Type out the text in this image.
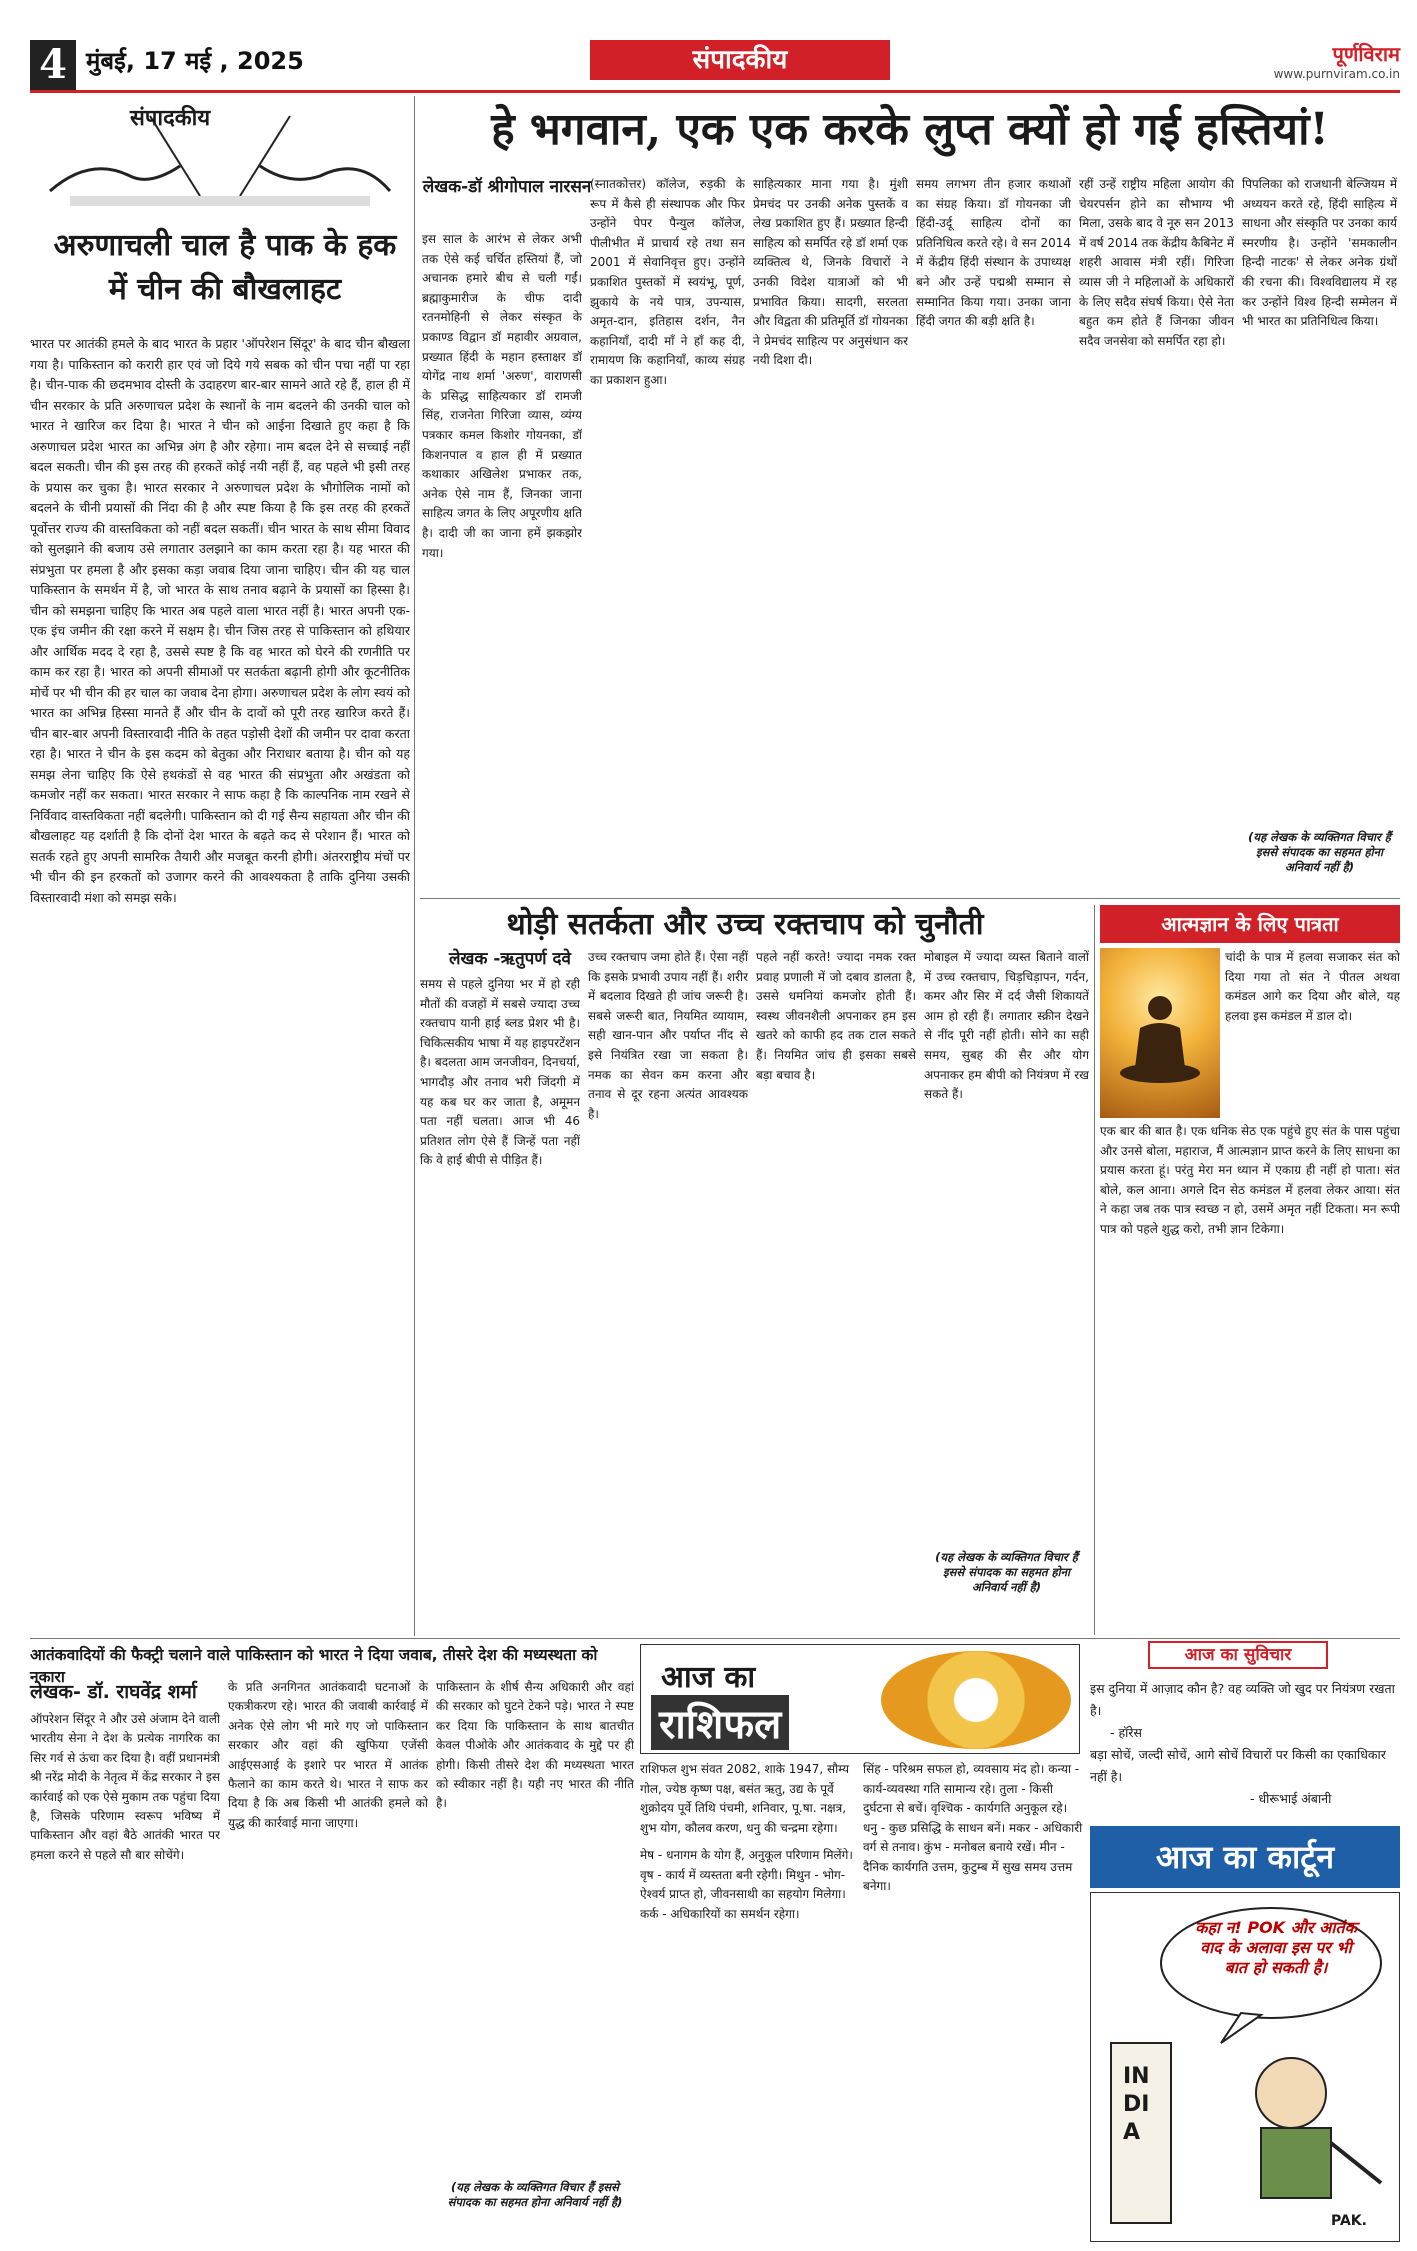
4 मुंबई, 17 मई , 2025	संपादकीय	पूर्णविराम
www.purnviram.co.in
संपादकीय
अरुणाचली चाल है पाक के हक में चीन की बौखलाहट
भारत पर आतंकी हमले के बाद भारत के प्रहार 'ऑपरेशन सिंदूर' के बाद चीन बौखला गया है। पाकिस्तान को करारी हार एवं जो दिये गये सबक को चीन पचा नहीं पा रहा है। चीन-पाक की छदमभाव दोस्ती के उदाहरण बार-बार सामने आते रहे हैं, हाल ही में चीन सरकार के प्रति अरुणाचल प्रदेश के स्थानों के नाम बदलने की उनकी चाल को भारत ने खारिज कर दिया है। भारत ने चीन को आईना दिखाते हुए कहा है कि अरुणाचल प्रदेश भारत का अभिन्न अंग है और रहेगा। नाम बदल देने से सच्चाई नहीं बदल सकती। चीन की इस तरह की हरकतें कोई नयी नहीं हैं, वह पहले भी इसी तरह के प्रयास कर चुका है। भारत सरकार ने अरुणाचल प्रदेश के भौगोलिक नामों को बदलने के चीनी प्रयासों की निंदा की है और स्पष्ट किया है कि इस तरह की हरकतें पूर्वोत्तर राज्य की वास्तविकता को नहीं बदल सकतीं। चीन भारत के साथ सीमा विवाद को सुलझाने की बजाय उसे लगातार उलझाने का काम करता रहा है। यह भारत की संप्रभुता पर हमला है और इसका कड़ा जवाब दिया जाना चाहिए। चीन की यह चाल पाकिस्तान के समर्थन में है, जो भारत के साथ तनाव बढ़ाने के प्रयासों का हिस्सा है। चीन को समझना चाहिए कि भारत अब पहले वाला भारत नहीं है। भारत अपनी एक-एक इंच जमीन की रक्षा करने में सक्षम है। चीन जिस तरह से पाकिस्तान को हथियार और आर्थिक मदद दे रहा है, उससे स्पष्ट है कि वह भारत को घेरने की रणनीति पर काम कर रहा है। भारत को अपनी सीमाओं पर सतर्कता बढ़ानी होगी और कूटनीतिक मोर्चे पर भी चीन की हर चाल का जवाब देना होगा। अरुणाचल प्रदेश के लोग स्वयं को भारत का अभिन्न हिस्सा मानते हैं और चीन के दावों को पूरी तरह खारिज करते हैं। चीन बार-बार अपनी विस्तारवादी नीति के तहत पड़ोसी देशों की जमीन पर दावा करता रहा है। भारत ने चीन के इस कदम को बेतुका और निराधार बताया है। चीन को यह समझ लेना चाहिए कि ऐसे हथकंडों से वह भारत की संप्रभुता और अखंडता को कमजोर नहीं कर सकता। भारत सरकार ने साफ कहा है कि काल्पनिक नाम रखने से निर्विवाद वास्तविकता नहीं बदलेगी। पाकिस्तान को दी गई सैन्य सहायता और चीन की बौखलाहट यह दर्शाती है कि दोनों देश भारत के बढ़ते कद से परेशान हैं। भारत को सतर्क रहते हुए अपनी सामरिक तैयारी और मजबूत करनी होगी। अंतरराष्ट्रीय मंचों पर भी चीन की इन हरकतों को उजागर करने की आवश्यकता है ताकि दुनिया उसकी विस्तारवादी मंशा को समझ सके।
हे भगवान, एक एक करके लुप्त क्यों हो गई हस्तियां!
लेखक-डॉ श्रीगोपाल नारसन
इस साल के आरंभ से लेकर अभी तक ऐसे कई चर्चित हस्तियां हैं, जो अचानक हमारे बीच से चली गईं। ब्रह्माकुमारीज के चीफ दादी रतनमोहिनी से लेकर संस्कृत के प्रकाण्ड विद्वान डॉ महावीर अग्रवाल, प्रख्यात हिंदी के महान हस्ताक्षर डॉ योगेंद्र नाथ शर्मा 'अरुण', वाराणसी के प्रसिद्ध साहित्यकार डॉ रामजी सिंह, राजनेता गिरिजा व्यास, व्यंग्य पत्रकार कमल किशोर गोयनका, डॉ किशनपाल व हाल ही में प्रख्यात कथाकार अखिलेश प्रभाकर तक, अनेक ऐसे नाम हैं, जिनका जाना साहित्य जगत के लिए अपूरणीय क्षति है। दादी जी का जाना हमें झकझोर गया।
(स्नातकोत्तर) कॉलेज, रुड़की के रूप में कैसे ही संस्थापक और फिर उन्होंने पेपर पैन्युल कॉलेज, पीलीभीत में प्राचार्य रहे तथा सन 2001 में सेवानिवृत्त हुए। उन्होंने प्रकाशित पुस्तकों में स्वयंभू, पूर्ण, झुकाये के नये पात्र, उपन्यास, अमृत-दान, इतिहास दर्शन, नैन कहानियाँ, दादी माँ ने हाँ कह दी, रामायण कि कहानियाँ, काव्य संग्रह का प्रकाशन हुआ।
साहित्यकार माना गया है। मुंशी प्रेमचंद पर उनकी अनेक पुस्तकें व लेख प्रकाशित हुए हैं। प्रख्यात हिन्दी साहित्य को समर्पित रहे डॉ शर्मा एक व्यक्तित्व थे, जिनके विचारों ने उनकी विदेश यात्राओं को भी प्रभावित किया। सादगी, सरलता और विद्वता की प्रतिमूर्ति डॉ गोयनका ने प्रेमचंद साहित्य पर अनुसंधान कर नयी दिशा दी।
समय लगभग तीन हजार कथाओं का संग्रह किया। डॉ गोयनका जी हिंदी-उर्दू साहित्य दोनों का प्रतिनिधित्व करते रहे। वे सन 2014 में केंद्रीय हिंदी संस्थान के उपाध्यक्ष बने और उन्हें पद्मश्री सम्मान से सम्मानित किया गया। उनका जाना हिंदी जगत की बड़ी क्षति है।
रहीं उन्हें राष्ट्रीय महिला आयोग की चेयरपर्सन होने का सौभाग्य भी मिला, उसके बाद वे नूरु सन 2013 में वर्ष 2014 तक केंद्रीय कैबिनेट में शहरी आवास मंत्री रहीं। गिरिजा व्यास जी ने महिलाओं के अधिकारों के लिए सदैव संघर्ष किया। ऐसे नेता बहुत कम होते हैं जिनका जीवन सदैव जनसेवा को समर्पित रहा हो।
पिपलिका को राजधानी बेल्जियम में अध्ययन करते रहे, हिंदी साहित्य में साधना और संस्कृति पर उनका कार्य स्मरणीय है। उन्होंने 'समकालीन हिन्दी नाटक' से लेकर अनेक ग्रंथों की रचना की। विश्वविद्यालय में रह कर उन्होंने विश्व हिन्दी सम्मेलन में भी भारत का प्रतिनिधित्व किया।
(यह लेखक के व्यक्तिगत विचार हैं इससे संपादक का सहमत होना अनिवार्य नहीं है)
थोड़ी सतर्कता और उच्च रक्तचाप को चुनौती
लेखक -ऋतुपर्ण दवे
समय से पहले दुनिया भर में हो रही मौतों की वजहों में सबसे ज्यादा उच्च रक्तचाप यानी हाई ब्लड प्रेशर भी है। चिकित्सकीय भाषा में यह हाइपरटेंशन है। बदलता आम जनजीवन, दिनचर्या, भागदौड़ और तनाव भरी जिंदगी में यह कब घर कर जाता है, अमूमन पता नहीं चलता। आज भी 46 प्रतिशत लोग ऐसे हैं जिन्हें पता नहीं कि वे हाई बीपी से पीड़ित हैं।
उच्च रक्तचाप जमा होते हैं। ऐसा नहीं कि इसके प्रभावी उपाय नहीं हैं। शरीर में बदलाव दिखते ही जांच जरूरी है। सबसे जरूरी बात, नियमित व्यायाम, सही खान-पान और पर्याप्त नींद से इसे नियंत्रित रखा जा सकता है। नमक का सेवन कम करना और तनाव से दूर रहना अत्यंत आवश्यक है।
पहले नहीं करते! ज्यादा नमक रक्त प्रवाह प्रणाली में जो दबाव डालता है, उससे धमनियां कमजोर होती हैं। स्वस्थ जीवनशैली अपनाकर हम इस खतरे को काफी हद तक टाल सकते हैं। नियमित जांच ही इसका सबसे बड़ा बचाव है।
मोबाइल में ज्यादा व्यस्त बिताने वालों में उच्च रक्तचाप, चिड़चिड़ापन, गर्दन, कमर और सिर में दर्द जैसी शिकायतें आम हो रही हैं। लगातार स्क्रीन देखने से नींद पूरी नहीं होती। सोने का सही समय, सुबह की सैर और योग अपनाकर हम बीपी को नियंत्रण में रख सकते हैं।
(यह लेखक के व्यक्तिगत विचार हैं इससे संपादक का सहमत होना अनिवार्य नहीं है)
आत्मज्ञान के लिए पात्रता
चांदी के पात्र में हलवा सजाकर संत को दिया गया तो संत ने पीतल अथवा कमंडल आगे कर दिया और बोले, यह हलवा इस कमंडल में डाल दो।
एक बार की बात है। एक धनिक सेठ एक पहुंचे हुए संत के पास पहुंचा और उनसे बोला, महाराज, मैं आत्मज्ञान प्राप्त करने के लिए साधना का प्रयास करता हूं। परंतु मेरा मन ध्यान में एकाग्र ही नहीं हो पाता। संत बोले, कल आना। अगले दिन सेठ कमंडल में हलवा लेकर आया। संत ने कहा जब तक पात्र स्वच्छ न हो, उसमें अमृत नहीं टिकता। मन रूपी पात्र को पहले शुद्ध करो, तभी ज्ञान टिकेगा।
आज का सुविचार
इस दुनिया में आज़ाद कौन है? वह व्यक्ति जो खुद पर नियंत्रण रखता है।
- हॉरेस
बड़ा सोचें, जल्दी सोचें, आगे सोचें विचारों पर किसी का एकाधिकार नहीं है।
- धीरूभाई अंबानी
आज का कार्टून
कहा न! POK और आतंक वाद के अलावा इस पर भी बात हो सकती है।
INDIA
PAK.
आतंकवादियों की फैक्ट्री चलाने वाले पाकिस्तान को भारत ने दिया जवाब, तीसरे देश की मध्यस्थता को नकारा
लेखक- डॉ. राघवेंद्र शर्मा
ऑपरेशन सिंदूर ने और उसे अंजाम देने वाली भारतीय सेना ने देश के प्रत्येक नागरिक का सिर गर्व से ऊंचा कर दिया है। वहीं प्रधानमंत्री श्री नरेंद्र मोदी के नेतृत्व में केंद्र सरकार ने इस कार्रवाई को एक ऐसे मुकाम तक पहुंचा दिया है, जिसके परिणाम स्वरूप भविष्य में पाकिस्तान और वहां बैठे आतंकी भारत पर हमला करने से पहले सौ बार सोचेंगे।
के प्रति अनगिनत आतंकवादी घटनाओं के एकत्रीकरण रहे। भारत की जवाबी कार्रवाई में अनेक ऐसे लोग भी मारे गए जो पाकिस्तान सरकार और वहां की खुफिया एजेंसी आईएसआई के इशारे पर भारत में आतंक फैलाने का काम करते थे। भारत ने साफ कर दिया है कि अब किसी भी आतंकी हमले को युद्ध की कार्रवाई माना जाएगा।
पाकिस्तान के शीर्ष सैन्य अधिकारी और वहां की सरकार को घुटने टेकने पड़े। भारत ने स्पष्ट कर दिया कि पाकिस्तान के साथ बातचीत केवल पीओके और आतंकवाद के मुद्दे पर ही होगी। किसी तीसरे देश की मध्यस्थता भारत को स्वीकार नहीं है। यही नए भारत की नीति है।
(यह लेखक के व्यक्तिगत विचार हैं इससे संपादक का सहमत होना अनिवार्य नहीं है)
आज का
राशिफल
राशिफल शुभ संवत 2082, शाके 1947, सौम्य गोल, ज्येष्ठ कृष्ण पक्ष, बसंत ऋतु, उद्य के पूर्वे शुक्रोदय पूर्वे तिथि पंचमी, शनिवार, पू.षा. नक्षत्र, शुभ योग, कौलव करण, धनु की चन्द्रमा रहेगा।
मेष - धनागम के योग हैं, अनुकूल परिणाम मिलेंगे। वृष - कार्य में व्यस्तता बनी रहेगी। मिथुन - भोग-ऐश्वर्य प्राप्त हो, जीवनसाथी का सहयोग मिलेगा। कर्क - अधिकारियों का समर्थन रहेगा।
सिंह - परिश्रम सफल हो, व्यवसाय मंद हो। कन्या - कार्य-व्यवस्था गति सामान्य रहे। तुला - किसी दुर्घटना से बचें। वृश्चिक - कार्यगति अनुकूल रहे। धनु - कुछ प्रसिद्धि के साधन बनें। मकर - अधिकारी वर्ग से तनाव। कुंभ - मनोबल बनाये रखें। मीन - दैनिक कार्यगति उत्तम, कुटुम्ब में सुख समय उत्तम बनेगा।
